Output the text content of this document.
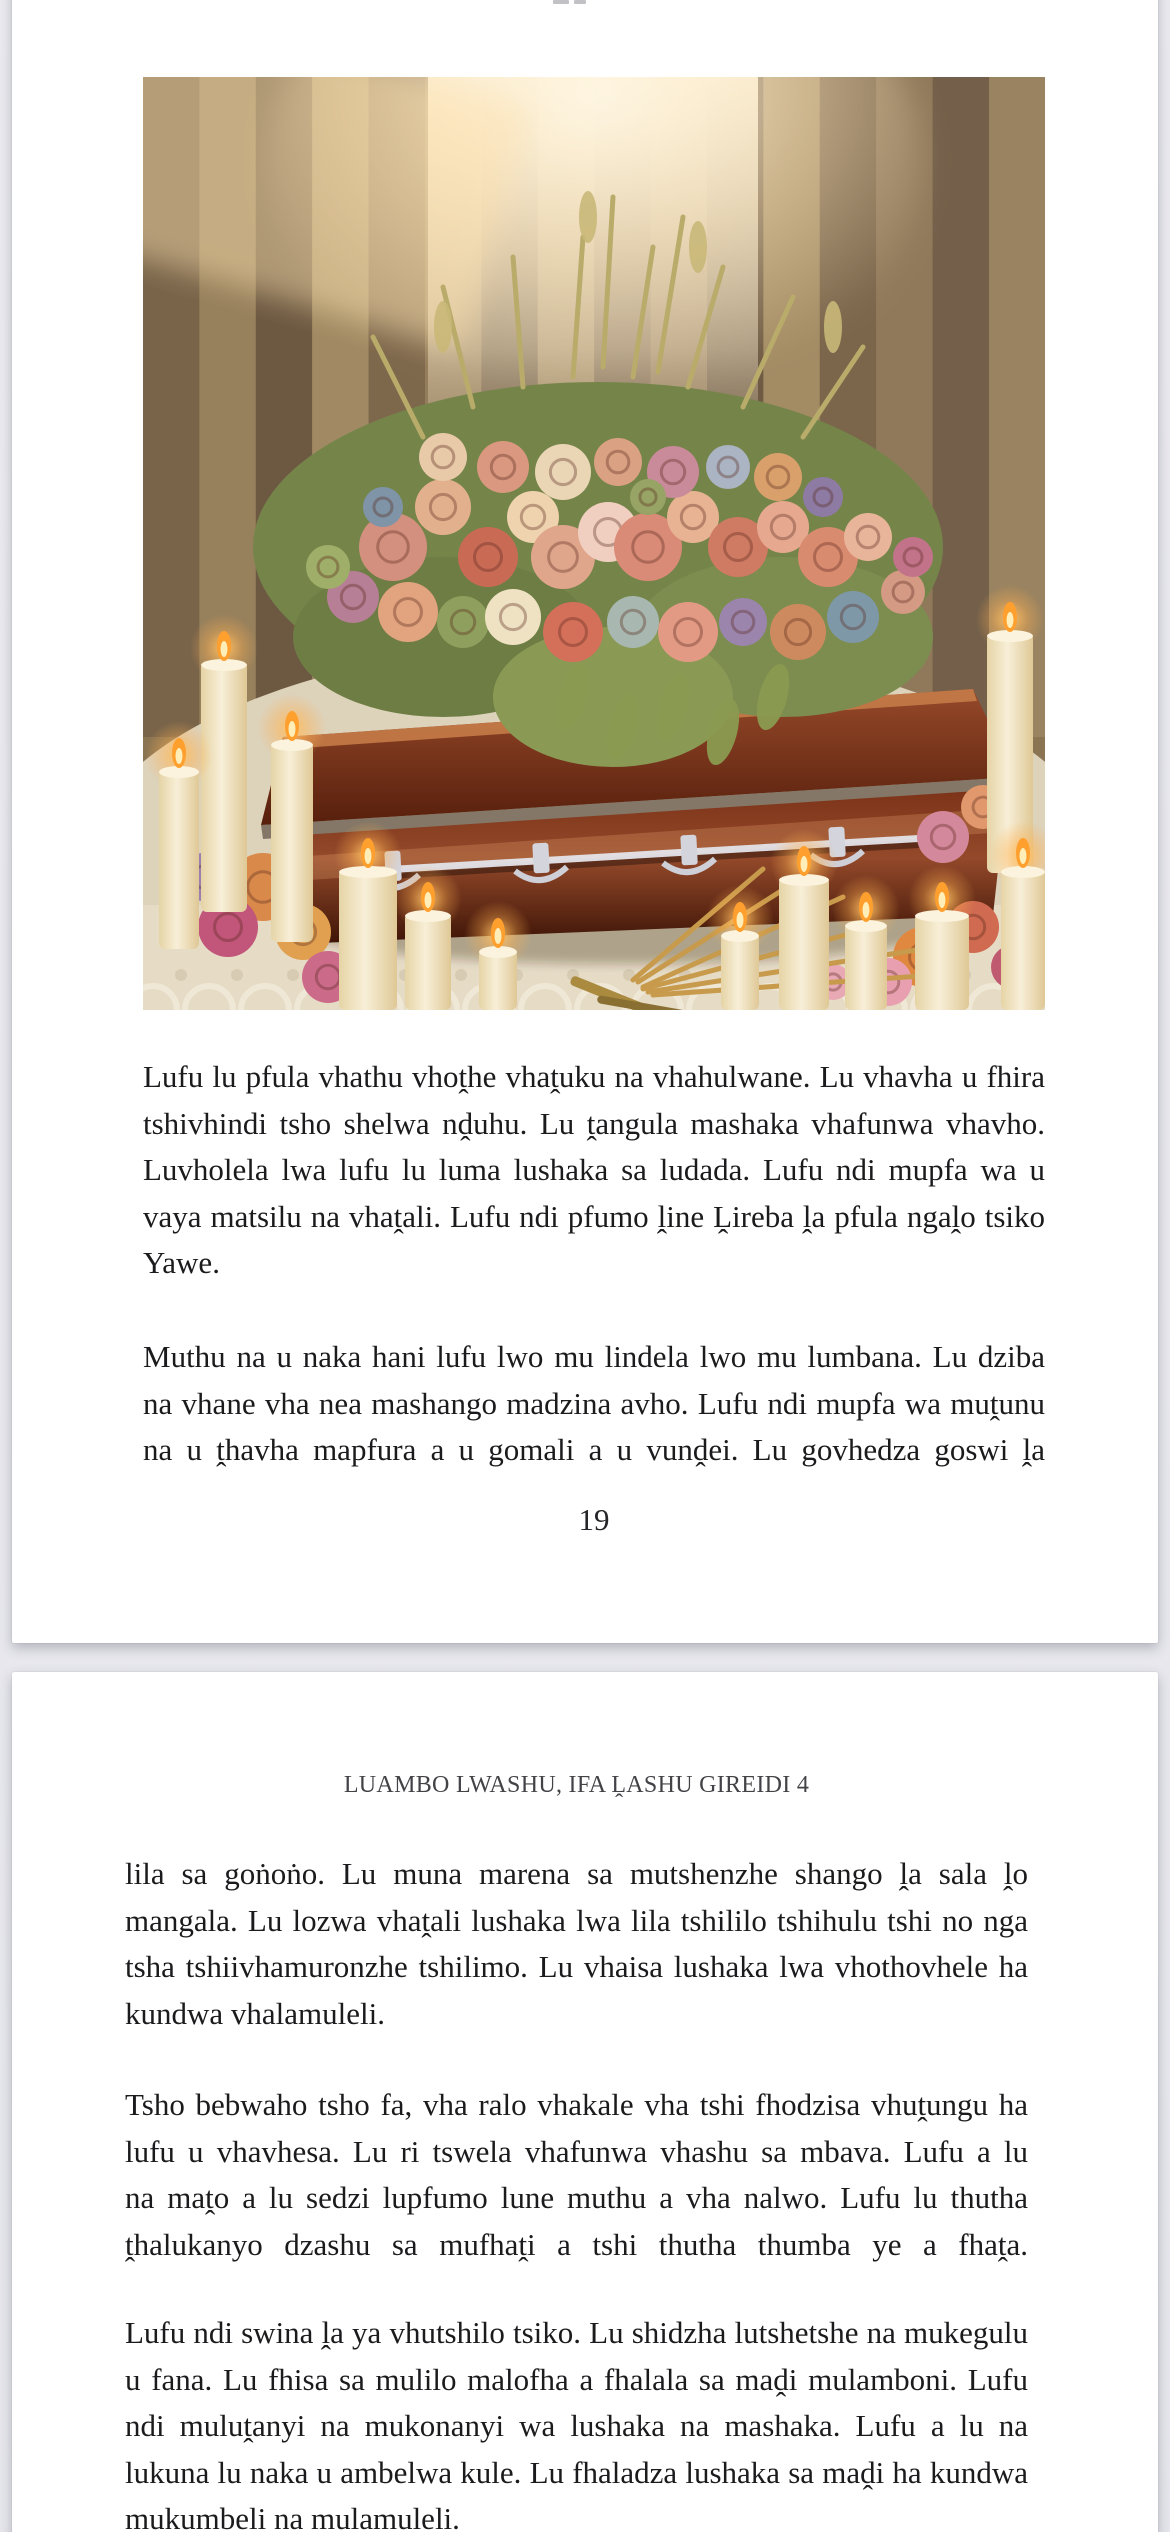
Lufu lu pfula vhathu vhoṱhe vhaṱuku na vhahulwane. Lu vhavha u fhira
tshivhindi tsho shelwa nḓuhu. Lu ṱangula mashaka vhafunwa vhavho.
Luvholela lwa lufu lu luma lushaka sa ludada. Lufu ndi mupfa wa u
vaya matsilu na vhaṱali. Lufu ndi pfumo ḽine Ḽireba ḽa pfula ngaḽo tsiko
Yawe.
Muthu na u naka hani lufu lwo mu lindela lwo mu lumbana. Lu dziba
na vhane vha nea mashango madzina avho. Lufu ndi mupfa wa muṱunu
na u ṱhavha mapfura a u gomali a u vunḓei. Lu govhedza goswi ḽa
19
LUAMBO LWASHU, IFA ḼASHU GIREIDI 4
lila sa goṅoṅo. Lu muna marena sa mutshenzhe shango ḽa sala ḽo
mangala. Lu lozwa vhaṱali lushaka lwa lila tshililo tshihulu tshi no nga
tsha tshiivhamuronzhe tshilimo. Lu vhaisa lushaka lwa vhothovhele ha
kundwa vhalamuleli.
Tsho bebwaho tsho fa, vha ralo vhakale vha tshi fhodzisa vhuṱungu ha
lufu u vhavhesa. Lu ri tswela vhafunwa vhashu sa mbava. Lufu a lu
na maṱo a lu sedzi lupfumo lune muthu a vha nalwo. Lufu lu thutha
ṱhalukanyo dzashu sa mufhaṱi a tshi thutha thumba ye a fhaṱa.
Lufu ndi swina ḽa ya vhutshilo tsiko. Lu shidzha lutshetshe na mukegulu
u fana. Lu fhisa sa mulilo malofha a fhalala sa maḓi mulamboni. Lufu
ndi muluṱanyi na mukonanyi wa lushaka na mashaka. Lufu a lu na
lukuna lu naka u ambelwa kule. Lu fhaladza lushaka sa maḓi ha kundwa
mukumbeli na mulamuleli.
